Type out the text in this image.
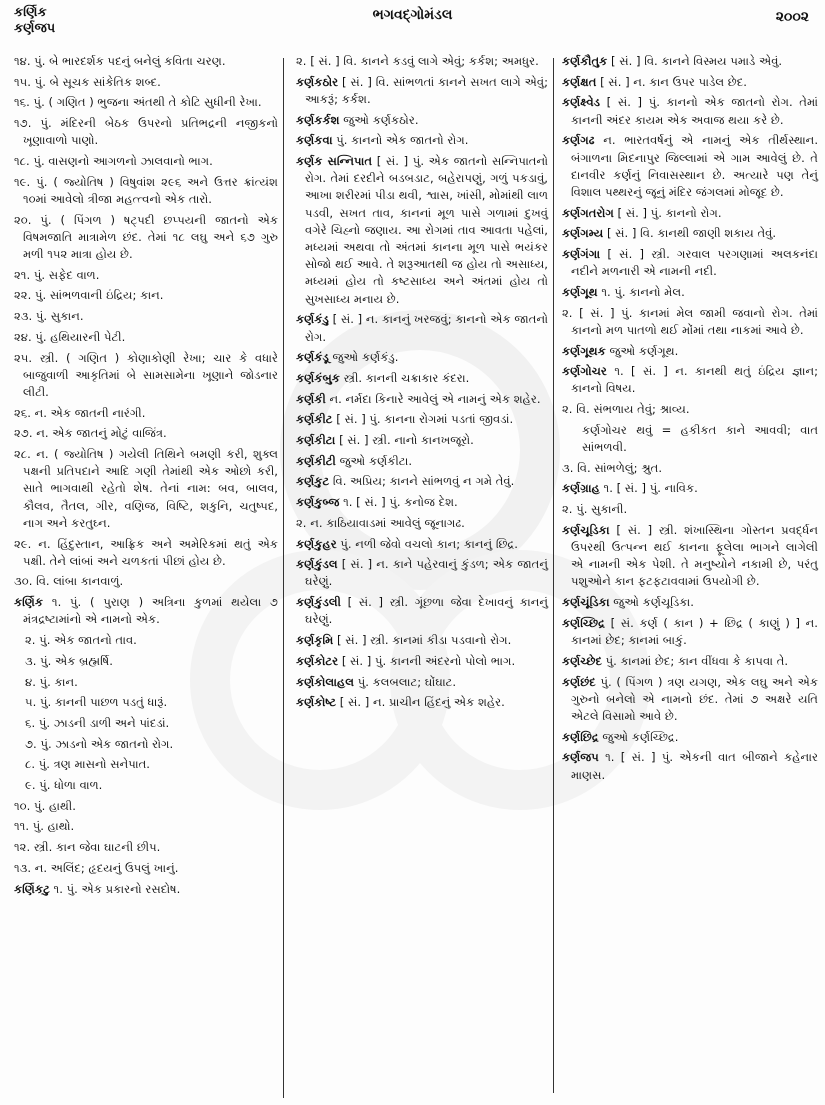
કર્ણિક
કર્ણજપ
ભગવદ્ગોમંડલ	૨૦૦૨
૧૪. પું. બે ભારદર્શક પદનું બનેલું કવિતા ચરણ.
૧૫. પું. બે સૂચક સાંકેતિક શબ્દ.
૧૬. પું. ( ગણિત ) ભુજના અંતથી તે કોટિ સુધીની રેખા.
૧૭. પું. મંદિરની બેઠક ઉપરનો પ્રતિભદ્રની નજીકનો ખૂણાવાળો પાણો.
૧૮. પું. વાસણનો આગળનો ઝાલવાનો ભાગ.
૧૯. પું. ( જ્યોતિષ ) વિષુવાંશ ૨૯૬ અને ઉત્તર ક્રાંત્યંશ ૧૦માં આવેલો ત્રીજા મહત્ત્વનો એક તારો.
૨૦. પું. ( પિંગળ ) ષટ્પદી છપ્પયની જાતનો એક વિષમજાતિ માત્રામેળ છંદ. તેમાં ૧૮ લઘુ અને ૬૭ ગુરુ મળી ૧૫૨ માત્રા હોય છે.
૨૧. પું. સફેદ વાળ.
૨૨. પું. સાંભળવાની ઇંદ્રિય; કાન.
૨૩. પું. સુકાન.
૨૪. પું. હથિયારની પેટી.
૨૫. સ્ત્રી. ( ગણિત ) કોણાકોણી રેખા; ચાર કે વધારે બાજુવાળી આકૃતિમાં બે સામસામેના ખૂણાને જોડનાર લીટી.
૨૬. ન. એક જાતની નારંગી.
૨૭. ન. એક જાતનું મોટું વાજિંત્ર.
૨૮. ન. ( જ્યોતિષ ) ગયેલી તિથિને બમણી કરી, શુક્લ પક્ષની પ્રતિપદાને આદિ ગણી તેમાંથી એક ઓછો કરી, સાતે ભાગવાથી રહેતો શેષ. તેનાં નામ: બવ, બાલવ, કૌલવ, તૈતલ, ગીર, વણિજ, વિષ્ટિ, શકુનિ, ચતુષ્પદ, નાગ અને કરતુઘ્ન.
૨૯. ન. હિંદુસ્તાન, આફ્રિક અને અમેરિકમાં થતું એક પક્ષી. તેને લાંબાં અને ચળકતાં પીછાં હોય છે.
૩૦. વિ. લાંબા કાનવાળું.
કર્ણિક ૧. પું. ( પુરાણ ) અત્રિના કુળમાં થયેલા ૭ મંત્રદ્રષ્ટામાંનો એ નામનો એક.
૨. પું. એક જાતનો તાવ.
૩. પું. એક બ્રહ્મર્ષિ.
૪. પું. કાન.
૫. પું. કાનની પાછળ પડતું ધારૂં.
૬. પું. ઝાડની ડાળી અને પાંદડાં.
૭. પું. ઝાડનો એક જાતનો રોગ.
૮. પું. ત્રણ માસનો સનેપાત.
૯. પું. ધોળા વાળ.
૧૦. પું. હાથી.
૧૧. પું. હાથો.
૧૨. સ્ત્રી. કાન જેવા ઘાટની છીપ.
૧૩. ન. અલિંદ; હૃદયનું ઉપલું ખાનું.
કર્ણિકટુ ૧. પું. એક પ્રકારનો રસદોષ.
૨. [ સં. ] વિ. કાનને કડવું લાગે એવું; કર્કશ; અમધુર.
કર્ણકઠોર [ સં. ] વિ. સાંભળતાં કાનને સખત લાગે એવું; આકરૂં; કર્કશ.
કર્ણકર્કશ જુઓ કર્ણકઠોર.
કર્ણકવા પું. કાનનો એક જાતનો રોગ.
કર્ણક સન્નિપાત [ સં. ] પું. એક જાતનો સન્નિપાતનો રોગ. તેમાં દરદીને બડબડાટ, બહેરાપણું, ગળું પકડાવું, આખા શરીરમાં પીડા થવી, શ્વાસ, ખાંસી, મોમાંથી લાળ પડવી, સખત તાવ, કાનનાં મૂળ પાસે ગળામાં દુખવું વગેરે ચિહ્નો જણાય. આ રોગમાં તાવ આવતા પહેલાં, મધ્યમાં અથવા તો અંતમાં કાનના મૂળ પાસે ભયંકર સોજો થઈ આવે. તે શરૂઆતથી જ હોય તો અસાધ્ય, મધ્યમાં હોય તો કષ્ટસાધ્ય અને અંતમાં હોય તો સુખસાધ્ય મનાય છે.
કર્ણકંડુ [ સં. ] ન. કાનનું ખરજવું; કાનનો એક જાતનો રોગ.
કર્ણકંડૂ જુઓ કર્ણકંડુ.
કર્ણકંબુક સ્ત્રી. કાનની ચક્રાકાર કંદરા.
કર્ણકી ન. નર્મદા કિનારે આવેલું એ નામનું એક શહેર.
કર્ણકીટ [ સં. ] પું. કાનના રોગમાં પડતાં જીવડાં.
કર્ણકીટા [ સં. ] સ્ત્રી. નાનો કાનખજૂરો.
કર્ણકીટી જુઓ કર્ણકીટા.
કર્ણકુટ વિ. અપ્રિય; કાનને સાંભળવું ન ગમે તેવું.
કર્ણકુબ્જ ૧. [ સં. ] પું. કનોજ દેશ.
૨. ન. કાઠિયાવાડમાં આવેલું જૂનાગઢ.
કર્ણકુહર પું. નળી જેવો વચલો કાન; કાનનું છિદ્ર.
કર્ણકુંડલ [ સં. ] ન. કાને પહેરવાનું કુંડળ; એક જાતનું ઘરેણું.
કર્ણકુંડલી [ સં. ] સ્ત્રી. ગૂંછળા જેવા દેખાવનું કાનનું ઘરેણું.
કર્ણકૃમિ [ સં. ] સ્ત્રી. કાનમાં કીડા પડવાનો રોગ.
કર્ણકોટર [ સં. ] પું. કાનની અંદરનો પોલો ભાગ.
કર્ણકોલાહલ પું. કલબલાટ; ઘોંઘાટ.
કર્ણકોષ્ટ [ સં. ] ન. પ્રાચીન હિંદનું એક શહેર.
કર્ણકૌતુક [ સં. ] વિ. કાનને વિસ્મય પમાડે એવું.
કર્ણક્ષત [ સં. ] ન. કાન ઉપર પાડેલ છેદ.
કર્ણક્ષ્વેડ [ સં. ] પું. કાનનો એક જાતનો રોગ. તેમાં કાનની અંદર કાયમ એક અવાજ થયા કરે છે.
કર્ણગઢ ન. ભારતવર્ષનું એ નામનું એક તીર્થસ્થાન. બંગાળના મિદનાપુર જિલ્લામાં એ ગામ આવેલું છે. તે દાનવીર કર્ણનું નિવાસસ્થાન છે. અત્યારે પણ તેનું વિશાલ પથ્થરનું જૂનું મંદિર જંગલમાં મોજૂદ છે.
કર્ણગતરોગ [ સં. ] પું. કાનનો રોગ.
કર્ણગમ્ય [ સં. ] વિ. કાનથી જાણી શકાય તેવું.
કર્ણગંગા [ સં. ] સ્ત્રી. ગરવાલ પરગણામાં અલકનંદા નદીને મળનારી એ નામની નદી.
કર્ણગૂથ ૧. પું. કાનનો મેલ.
૨. [ સં. ] પું. કાનમાં મેલ જામી જવાનો રોગ. તેમાં કાનનો મળ પાતળો થઈ મોંમાં તથા નાકમાં આવે છે.
કર્ણગૂથક જુઓ કર્ણગૂથ.
કર્ણગોચર ૧. [ સં. ] ન. કાનથી થતું ઇંદ્રિય જ્ઞાન; કાનનો વિષય.
૨. વિ. સંભળાય તેવું; શ્રાવ્ય.
કર્ણગોચર થવું = હકીકત કાને આવવી; વાત સાંભળવી.
૩. વિ. સાંભળેલું; શ્રુત.
કર્ણગ્રાહ ૧. [ સં. ] પું. નાવિક.
૨. પું. સુકાની.
કર્ણચૂડિકા [ સં. ] સ્ત્રી. શંખાસ્થિના ગોસ્તન પ્રવર્દ્ધન ઉપરથી ઉત્પન્ન થઈ કાનના ફૂલેલા ભાગને લાગેલી એ નામની એક પેશી. તે મનુષ્યોને નકામી છે, પરંતુ પશુઓને કાન ફટફટાવવામાં ઉપયોગી છે.
કર્ણચૂંડિકા જુઓ કર્ણચૂડિકા.
કર્ણચ્છિદ્ર [ સં. કર્ણ ( કાન ) + છિદ્ર ( કાણું ) ] ન. કાનમાં છેદ; કાનમાં બાકું.
કર્ણચ્છેદ પું. કાનમાં છેદ; કાન વીંધવા કે કાપવા તે.
કર્ણછંદ પું. ( પિંગળ ) ત્રણ યગણ, એક લઘુ અને એક ગુરુનો બનેલો એ નામનો છંદ. તેમાં ૭ અક્ષરે યતિ એટલે વિસામો આવે છે.
કર્ણછિદ્ર જુઓ કર્ણચ્છિદ્ર.
કર્ણજપ ૧. [ સં. ] પું. એકની વાત બીજાને કહેનાર માણસ.
